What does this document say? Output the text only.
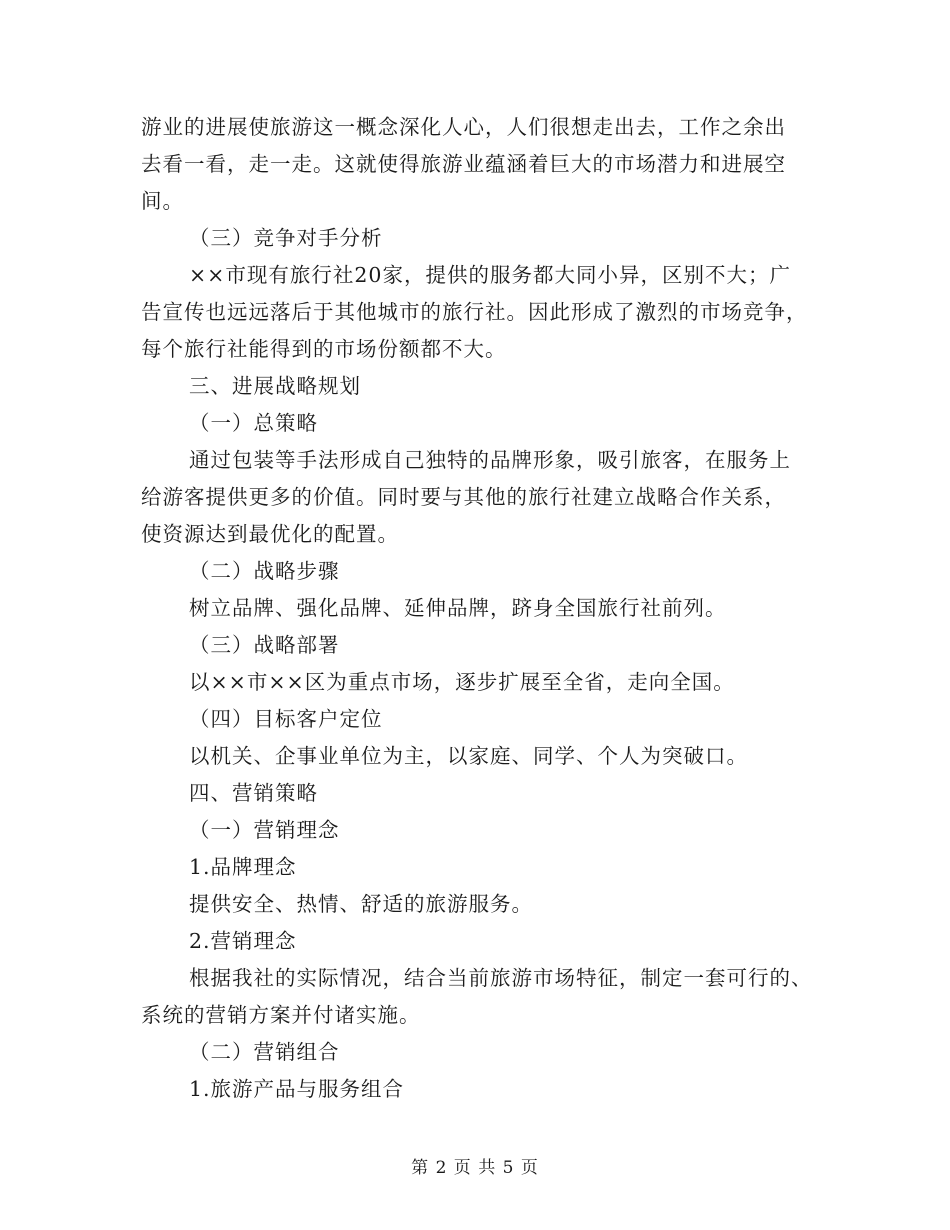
游业的进展使旅游这一概念深化人心，人们很想走出去，工作之余出
去看一看，走一走。这就使得旅游业蕴涵着巨大的市场潜力和进展空
间。
（三）竞争对手分析
××市现有旅行社20家，提供的服务都大同小异，区别不大；广
告宣传也远远落后于其他城市的旅行社。因此形成了激烈的市场竞争，
每个旅行社能得到的市场份额都不大。
三、进展战略规划
（一）总策略
通过包装等手法形成自己独特的品牌形象，吸引旅客，在服务上
给游客提供更多的价值。同时要与其他的旅行社建立战略合作关系，
使资源达到最优化的配置。
（二）战略步骤
树立品牌、强化品牌、延伸品牌，跻身全国旅行社前列。
（三）战略部署
以××市××区为重点市场，逐步扩展至全省，走向全国。
（四）目标客户定位
以机关、企事业单位为主，以家庭、同学、个人为突破口。
四、营销策略
（一）营销理念
1.品牌理念
提供安全、热情、舒适的旅游服务。
2.营销理念
根据我社的实际情况，结合当前旅游市场特征，制定一套可行的、
系统的营销方案并付诸实施。
（二）营销组合
1.旅游产品与服务组合
第 2 页 共 5 页
